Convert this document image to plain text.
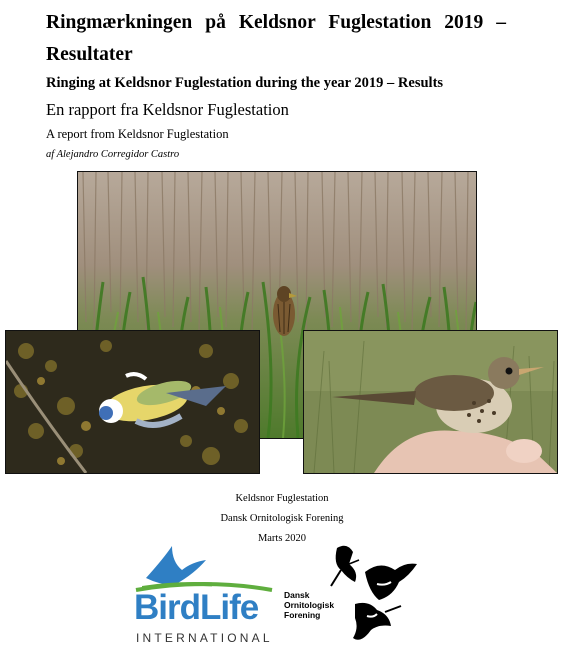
Ringmærkningen på Keldsnor Fuglestation 2019 –
Resultater
Ringing at Keldsnor Fuglestation during the year 2019 – Results
En rapport fra Keldsnor Fuglestation
A report from Keldsnor Fuglestation
af Alejandro Corregidor Castro
Keldsnor Fuglestation
Dansk Ornitologisk Forening
Marts 2020
BirdLife
INTERNATIONAL
Dansk
Ornitologisk
Forening
